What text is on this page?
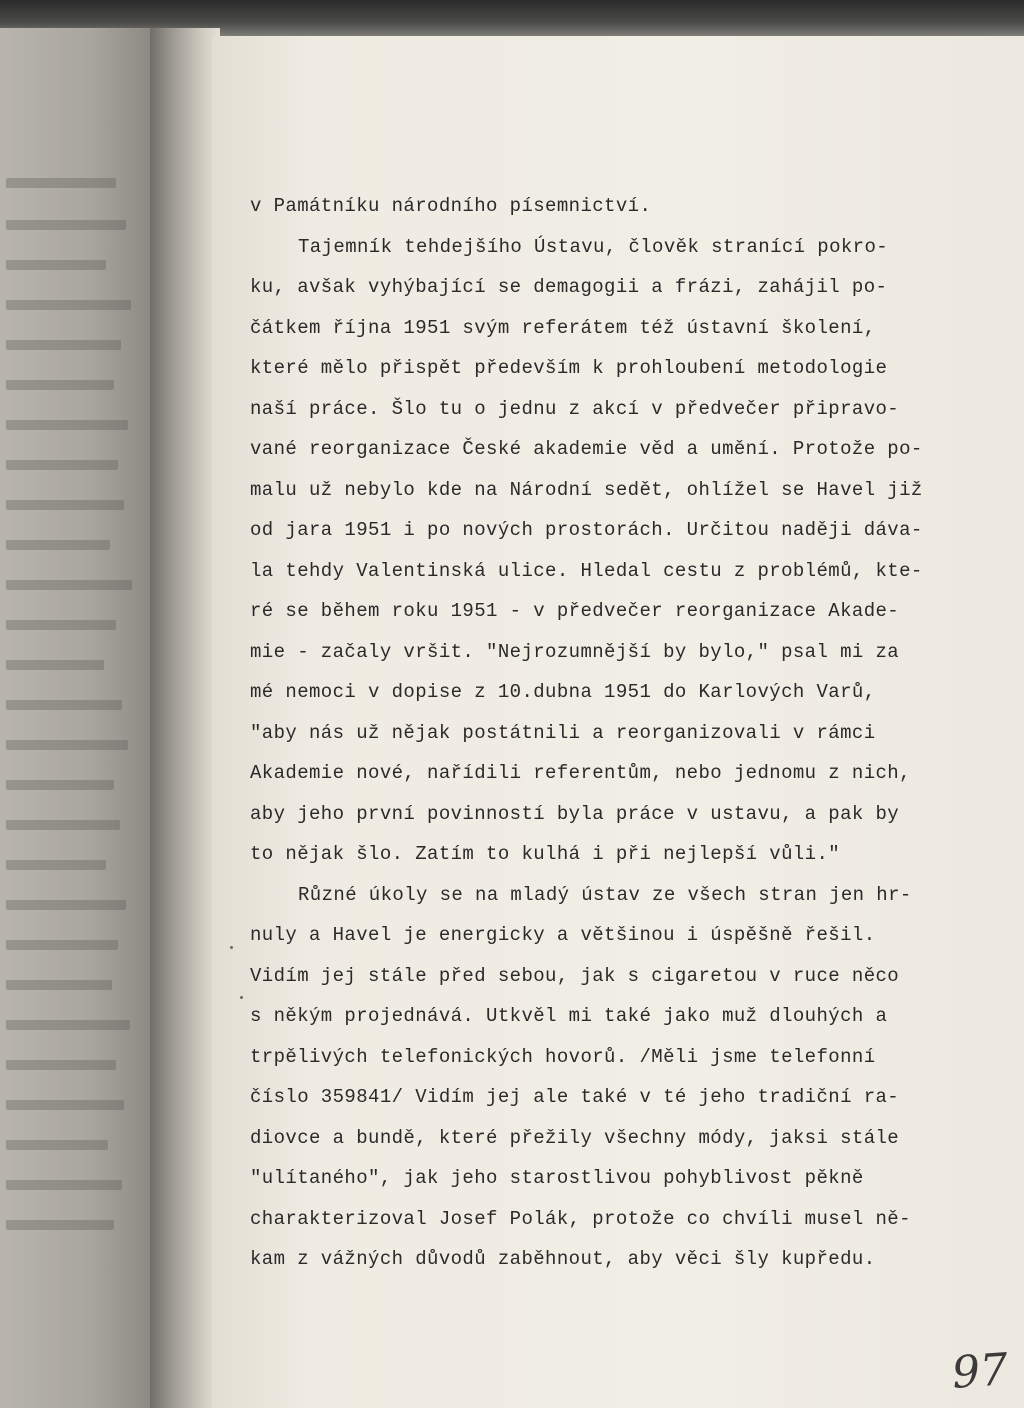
v Památníku národního písemnictví.
Tajemník tehdejšího Ústavu, člověk stranící pokro-
ku, avšak vyhýbající se demagogii a frázi, zahájil po-
čátkem října 1951 svým referátem též ústavní školení,
které mělo přispět především k prohloubení metodologie
naší práce. Šlo tu o jednu z akcí v předvečer připravo-
vané reorganizace České akademie věd a umění. Protože po-
malu už nebylo kde na Národní sedět, ohlížel se Havel již
od jara 1951 i po nových prostorách. Určitou naději dáva-
la tehdy Valentinská ulice. Hledal cestu z problémů, kte-
ré se během roku 1951 - v předvečer reorganizace Akade-
mie - začaly vršit. "Nejrozumnější by bylo," psal mi za
mé nemoci v dopise z 10.dubna 1951 do Karlových Varů,
"aby nás už nějak postátnili a reorganizovali v rámci
Akademie nové, nařídili referentům, nebo jednomu z nich,
aby jeho první povinností byla práce v ustavu, a pak by
to nějak šlo. Zatím to kulhá i při nejlepší vůli."
Různé úkoly se na mladý ústav ze všech stran jen hr-
nuly a Havel je energicky a většinou i úspěšně řešil.
Vidím jej stále před sebou, jak s cigaretou v ruce něco
s někým projednává. Utkvěl mi také jako muž dlouhých a
trpělivých telefonických hovorů. /Měli jsme telefonní
číslo 359841/ Vidím jej ale také v té jeho tradiční ra-
diovce a bundě, které přežily všechny módy, jaksi stále
"ulítaného", jak jeho starostlivou pohyblivost pěkně
charakterizoval Josef Polák, protože co chvíli musel ně-
kam z vážných důvodů zaběhnout, aby věci šly kupředu.
97
